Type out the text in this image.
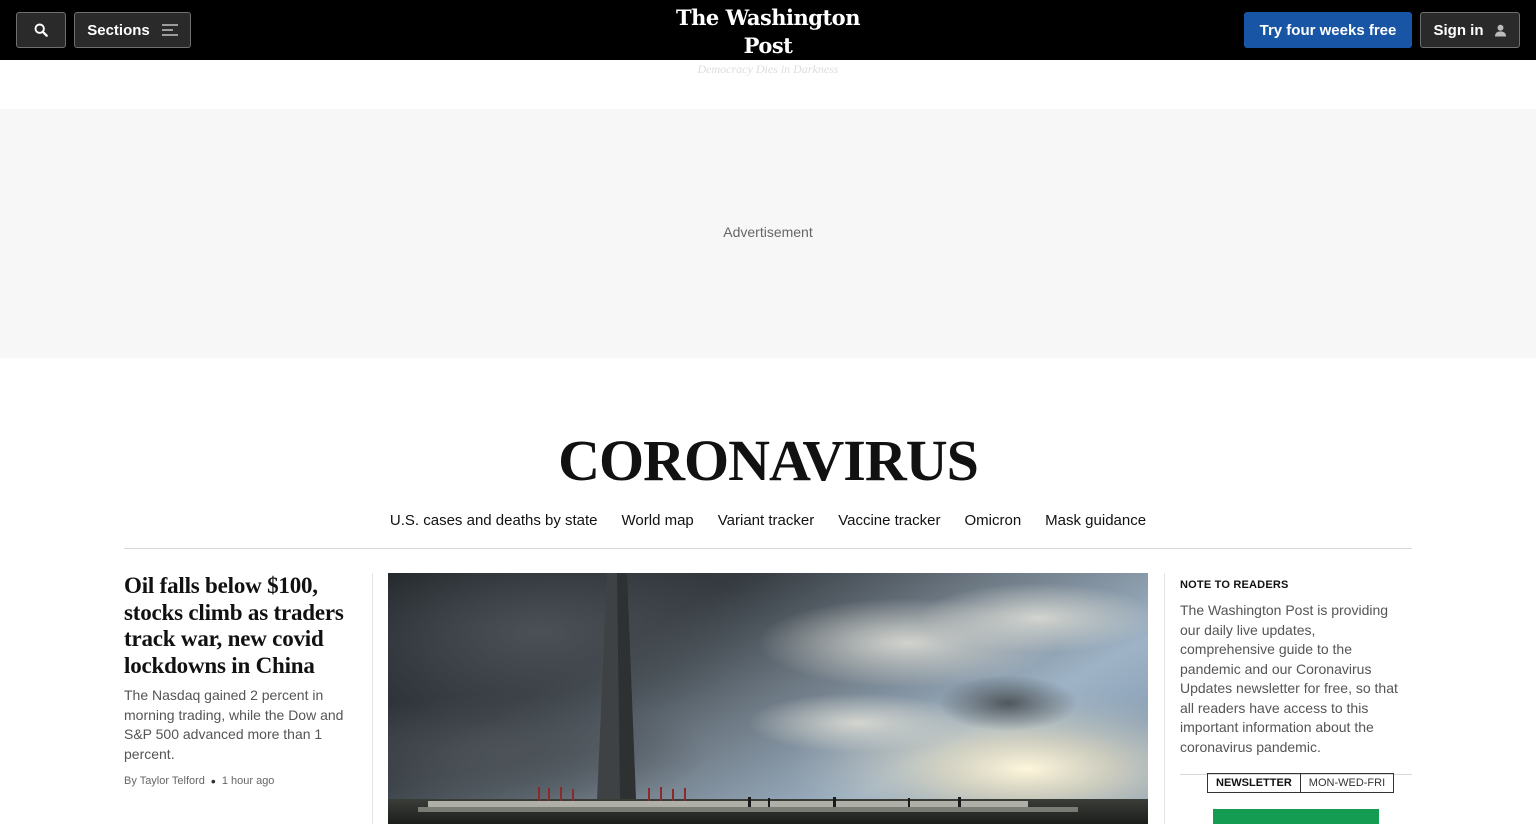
Sections	The Washington Post
Democracy Dies in Darkness
Try four weeks free	Sign in
Advertisement
CORONAVIRUS
U.S. cases and deaths by state World map Variant tracker Vaccine tracker Omicron Mask guidance
Oil falls below $100, stocks climb as traders track war, new covid lockdowns in China

The Nasdaq gained 2 percent in morning trading, while the Dow and S&P 500 advanced more than 1 percent.

By Taylor Telford • 1 hour ago
NOTE TO READERS

The Washington Post is providing our daily live updates, comprehensive guide to the pandemic and our Coronavirus Updates newsletter for free, so that all readers have access to this important information about the coronavirus pandemic.

NEWSLETTER	MON-WED-FRI
